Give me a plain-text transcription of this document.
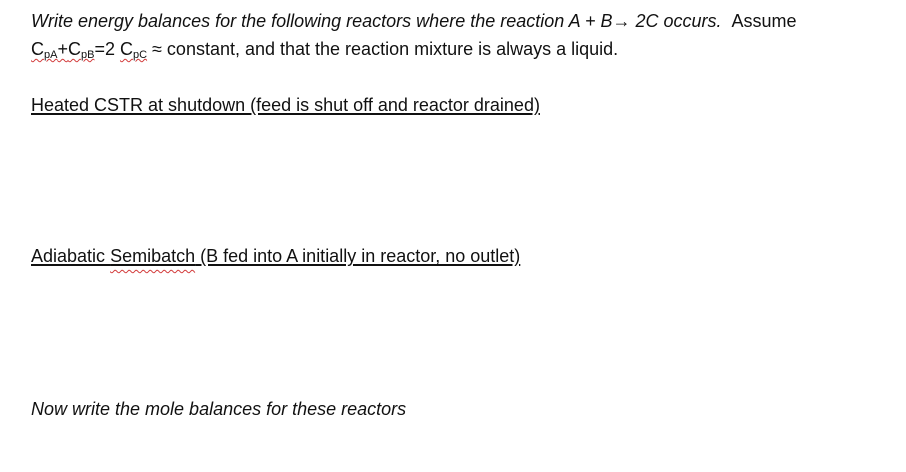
Write energy balances for the following reactors where the reaction A + B→ 2C occurs. Assume
$C_{pA}+C_{pB}=2$ $C_{pC}$ ≈ constant, and that the reaction mixture is always a liquid.
Heated CSTR at shutdown (feed is shut off and reactor drained)
Adiabatic Semibatch (B fed into A initially in reactor, no outlet)
Now write the mole balances for these reactors
